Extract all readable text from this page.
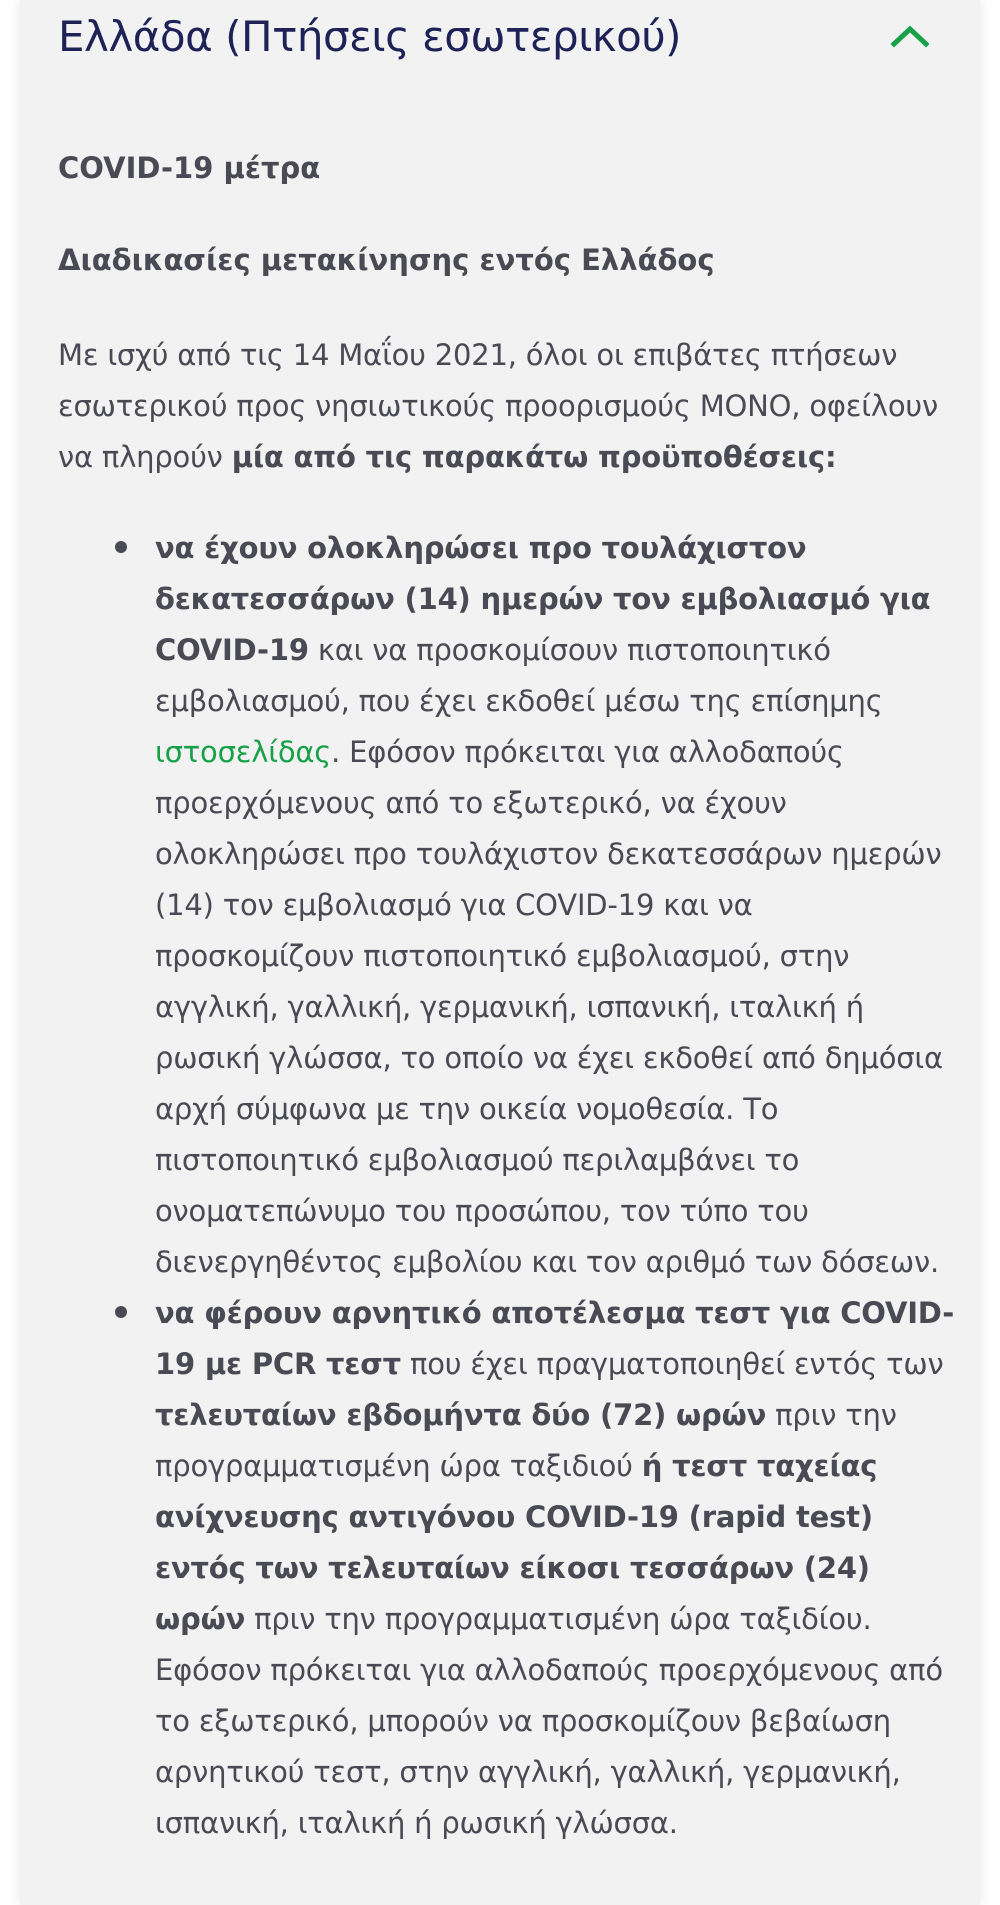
Ελλάδα (Πτήσεις εσωτερικού)
COVID-19 μέτρα
Διαδικασίες μετακίνησης εντός Ελλάδος

Με ισχύ από τις 14 Μαΐου 2021, όλοι οι επιβάτες πτήσεων εσωτερικού προς νησιωτικούς προορισμούς ΜΟΝΟ, οφείλουν να πληρούν μία από τις παρακάτω προϋποθέσεις:

να έχουν ολοκληρώσει προ τουλάχιστον δεκατεσσάρων (14) ημερών τον εμβολιασμό για COVID-19 και να προσκομίσουν πιστοποιητικό εμβολιασμού, που έχει εκδοθεί μέσω της επίσημης ιστοσελίδας. Εφόσον πρόκειται για αλλοδαπούς προερχόμενους από το εξωτερικό, να έχουν ολοκληρώσει προ τουλάχιστον δεκατεσσάρων ημερών (14) τον εμβολιασμό για COVID-19 και να προσκομίζουν πιστοποιητικό εμβολιασμού, στην αγγλική, γαλλική, γερμανική, ισπανική, ιταλική ή ρωσική γλώσσα, το οποίο να έχει εκδοθεί από δημόσια αρχή σύμφωνα με την οικεία νομοθεσία. Το πιστοποιητικό εμβολιασμού περιλαμβάνει το ονοματεπώνυμο του προσώπου, τον τύπο του διενεργηθέντος εμβολίου και τον αριθμό των δόσεων.
να φέρουν αρνητικό αποτέλεσμα τεστ για COVID-19 με PCR τεστ που έχει πραγματοποιηθεί εντός των τελευταίων εβδομήντα δύο (72) ωρών πριν την προγραμματισμένη ώρα ταξιδιού ή τεστ ταχείας ανίχνευσης αντιγόνου COVID-19 (rapid test) εντός των τελευταίων είκοσι τεσσάρων (24) ωρών πριν την προγραμματισμένη ώρα ταξιδίου. Εφόσον πρόκειται για αλλοδαπούς προερχόμενους από το εξωτερικό, μπορούν να προσκομίζουν βεβαίωση αρνητικού τεστ, στην αγγλική, γαλλική, γερμανική, ισπανική, ιταλική ή ρωσική γλώσσα.
